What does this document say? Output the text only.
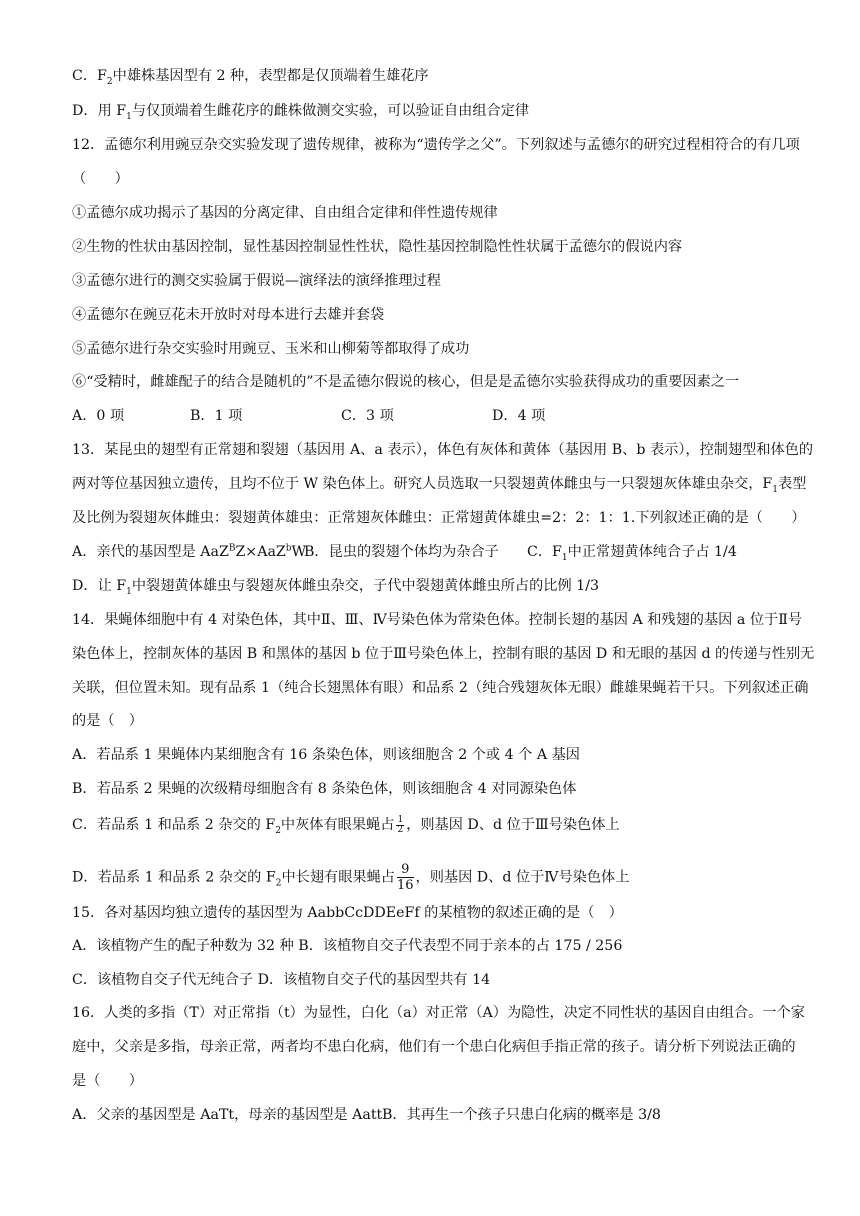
C．$F_2$中雄株基因型有 2 种，表型都是仅顶端着生雄花序
D．用 $F_1$与仅顶端着生雌花序的雌株做测交实验，可以验证自由组合定律
12．孟德尔利用豌豆杂交实验发现了遗传规律，被称为“遗传学之父”。下列叙述与孟德尔的研究过程相符合的有几项
（　　）
①孟德尔成功揭示了基因的分离定律、自由组合定律和伴性遗传规律
②生物的性状由基因控制，显性基因控制显性性状，隐性基因控制隐性性状属于孟德尔的假说内容
③孟德尔进行的测交实验属于假说—演绎法的演绎推理过程
④孟德尔在豌豆花未开放时对母本进行去雄并套袋
⑤孟德尔进行杂交实验时用豌豆、玉米和山柳菊等都取得了成功
⑥“受精时，雌雄配子的结合是随机的”不是孟德尔假说的核心，但是是孟德尔实验获得成功的重要因素之一
A．0 项	B．1 项	C．3 项	D．4 项
13．某昆虫的翅型有正常翅和裂翅（基因用 A、a 表示），体色有灰体和黄体（基因用 B、b 表示），控制翅型和体色的
两对等位基因独立遗传，且均不位于 W 染色体上。研究人员选取一只裂翅黄体雌虫与一只裂翅灰体雄虫杂交，$F_1$表型
及比例为裂翅灰体雌虫：裂翅黄体雄虫：正常翅灰体雌虫：正常翅黄体雄虫=2：2：1：1.下列叙述正确的是（　　）
A．亲代的基因型是 AaZ$^B$Z×AaZ$^b$WB．昆虫的裂翅个体均为杂合子 C．$F_1$中正常翅黄体纯合子占 1/4
D．让 $F_1$中裂翅黄体雄虫与裂翅灰体雌虫杂交，子代中裂翅黄体雌虫所占的比例 1/3
14．果蝇体细胞中有 4 对染色体，其中Ⅱ、Ⅲ、Ⅳ号染色体为常染色体。控制长翅的基因 A 和残翅的基因 a 位于Ⅱ号
染色体上，控制灰体的基因 B 和黑体的基因 b 位于Ⅲ号染色体上，控制有眼的基因 D 和无眼的基因 d 的传递与性别无
关联，但位置未知。现有品系 1（纯合长翅黑体有眼）和品系 2（纯合残翅灰体无眼）雌雄果蝇若干只。下列叙述正确
的是（　）
A．若品系 1 果蝇体内某细胞含有 16 条染色体，则该细胞含 2 个或 4 个 A 基因
B．若品系 2 果蝇的次级精母细胞含有 8 条染色体，则该细胞含 4 对同源染色体
C．若品系 1 和品系 2 杂交的 $F_2$中灰体有眼果蝇占 $\frac{1}{2}$ ，则基因 D、d 位于Ⅲ号染色体上
D．若品系 1 和品系 2 杂交的 $F_2$中长翅有眼果蝇占 $\frac{9}{16}$ ，则基因 D、d 位于Ⅳ号染色体上
15．各对基因均独立遗传的基因型为 AabbCcDDEeFf 的某植物的叙述正确的是（　）
A．该植物产生的配子种数为 32 种 B．该植物自交子代表型不同于亲本的占 175 / 256
C．该植物自交子代无纯合子 D．该植物自交子代的基因型共有 14
16．人类的多指（T）对正常指（t）为显性，白化（a）对正常（A）为隐性，决定不同性状的基因自由组合。一个家
庭中，父亲是多指，母亲正常，两者均不患白化病，他们有一个患白化病但手指正常的孩子。请分析下列说法正确的
是（　　）
A．父亲的基因型是 AaTt，母亲的基因型是 AattB．其再生一个孩子只患白化病的概率是 3/8
